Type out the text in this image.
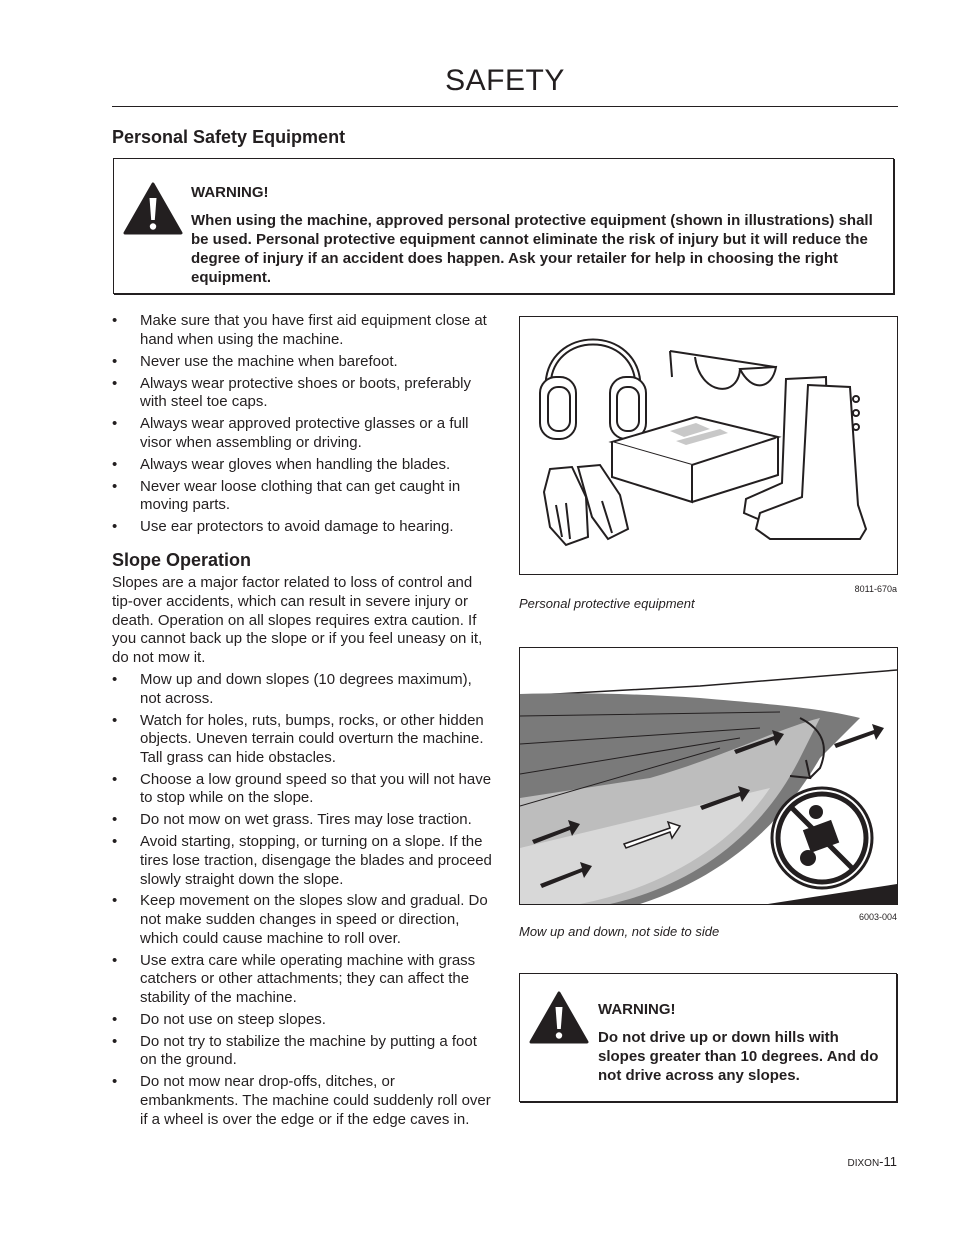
SAFETY
Personal Safety Equipment
WARNING!
When using the machine, approved personal protective equipment (shown in illustrations) shall be used. Personal protective equipment cannot eliminate the risk of injury but it will reduce the degree of injury if an accident does happen. Ask your retailer for help in choosing the right equipment.
• Make sure that you have first aid equipment close at hand when using the machine.
• Never use the machine when barefoot.
• Always wear protective shoes or boots, preferably with steel toe caps.
• Always wear approved protective glasses or a full visor when assembling or driving.
• Always wear gloves when handling the blades.
• Never wear loose clothing that can get caught in moving parts.
• Use ear protectors to avoid damage to hearing.
Slope Operation
Slopes are a major factor related to loss of control and tip-over accidents, which can result in severe injury or death. Operation on all slopes requires extra caution. If you cannot back up the slope or if you feel uneasy on it, do not mow it.
• Mow up and down slopes (10 degrees maximum), not across.
• Watch for holes, ruts, bumps, rocks, or other hidden objects. Uneven terrain could overturn the machine. Tall grass can hide obstacles.
• Choose a low ground speed so that you will not have to stop while on the slope.
• Do not mow on wet grass. Tires may lose traction.
• Avoid starting, stopping, or turning on a slope. If the tires lose traction, disengage the blades and proceed slowly straight down the slope.
• Keep movement on the slopes slow and gradual. Do not make sudden changes in speed or direction, which could cause machine to roll over.
• Use extra care while operating machine with grass catchers or other attachments; they can affect the stability of the machine.
• Do not use on steep slopes.
• Do not try to stabilize the machine by putting a foot on the ground.
• Do not mow near drop-offs, ditches, or embankments. The machine could suddenly roll over if a wheel is over the edge or if the edge caves in.
8011-670a
Personal protective equipment
6003-004
Mow up and down, not side to side
WARNING!
Do not drive up or down hills with slopes greater than 10 degrees. And do not drive across any slopes.
DIXON-11
